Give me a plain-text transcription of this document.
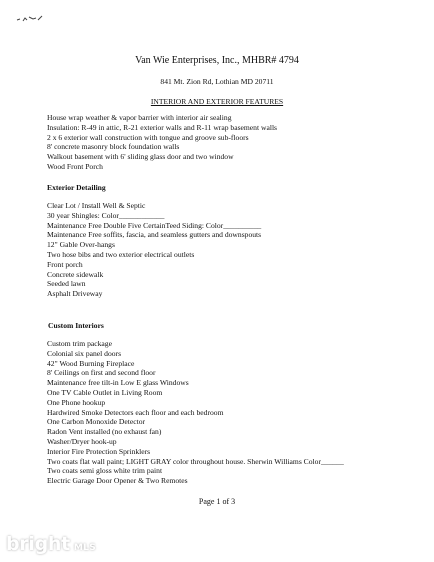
Van Wie Enterprises, Inc., MHBR# 4794
841 Mt. Zion Rd, Lothian MD 20711
INTERIOR AND EXTERIOR FEATURES
House wrap weather & vapor barrier with interior air sealing
Insulation: R-49 in attic, R-21 exterior walls and R-11 wrap basement walls
2 x 6 exterior wall construction with tongue and groove sub-floors
8' concrete masonry block foundation walls
Walkout basement with 6' sliding glass door and two window
Wood Front Porch
Exterior Detailing
Clear Lot / Install Well & Septic
30 year Shingles: Color____________
Maintenance Free Double Five CertainTeed Siding: Color__________
Maintenance Free soffits, fascia, and seamless gutters and downspouts
12" Gable Over-hangs
Two hose bibs and two exterior electrical outlets
Front porch
Concrete sidewalk
Seeded lawn
Asphalt Driveway
Custom Interiors
Custom trim package
Colonial six panel doors
42" Wood Burning Fireplace
8' Ceilings on first and second floor
Maintenance free tilt-in Low E glass Windows
One TV Cable Outlet in Living Room
One Phone hookup
Hardwired Smoke Detectors each floor and each bedroom
One Carbon Monoxide Detector
Radon Vent installed (no exhaust fan)
Washer/Dryer hook-up
Interior Fire Protection Sprinklers
Two coats flat wall paint; LIGHT GRAY color throughout house. Sherwin Williams Color______
Two coats semi gloss white trim paint
Electric Garage Door Opener & Two Remotes
Page 1 of 3
bright MLS
